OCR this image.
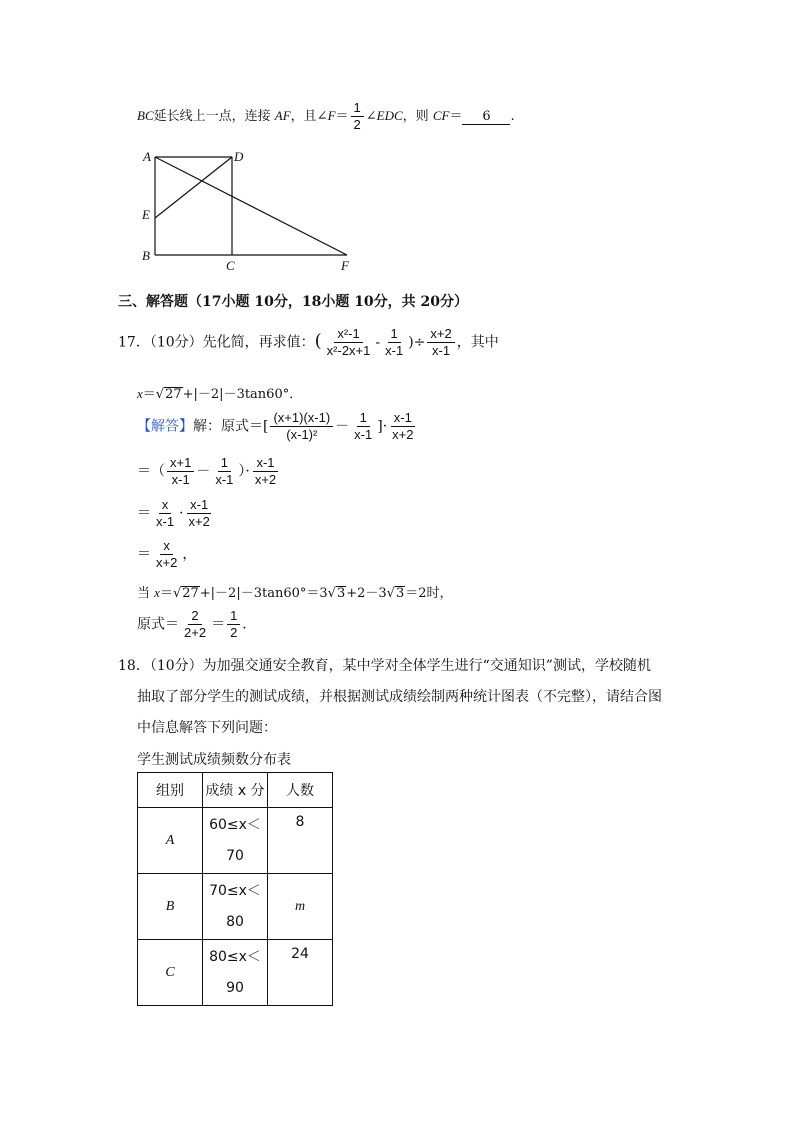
BC延长线上一点，连接 AF，且∠F＝ $\frac{1}{2}$ ∠EDC，则 CF＝ 6 .
A	D
E
B
C	F
三、解答题（17小题 10分，18小题 10分，共 20分）
17．（10分）先化简，再求值：( $\frac{\text{x²-1}}{\text{x²-2x+1}} - \frac{1}{x-1}$ )÷ $\frac{x+2}{x-1}$ ，其中
x＝√27+|－2|－3tan60°．
【解答】解：原式＝[ $\frac{(x+1)(x-1)}{\text{(x-1)²}} - \frac{1}{x-1}$ ]· $\frac{x-1}{x+2}$
＝（ $\frac{x+1}{x-1} - \frac{1}{x-1}$ ）· $\frac{x-1}{x+2}$
＝ $\frac{x}{x-1} \cdot \frac{x-1}{x+2}$
＝ $\frac{x}{x+2}$ ，
当 x＝√27+|－2|－3tan60°＝3√3+2－3√3＝2时，
原式＝ $\frac{2}{2+2} = \frac{1}{2}$ .
18．（10分）为加强交通安全教育，某中学对全体学生进行“交通知识”测试，学校随机
抽取了部分学生的测试成绩，并根据测试成绩绘制两种统计图表（不完整），请结合图
中信息解答下列问题：
学生测试成绩频数分布表
组别	成绩 x 分	人数
A	60≤x＜70	8
B	70≤x＜80	m
C	80≤x＜90	24
